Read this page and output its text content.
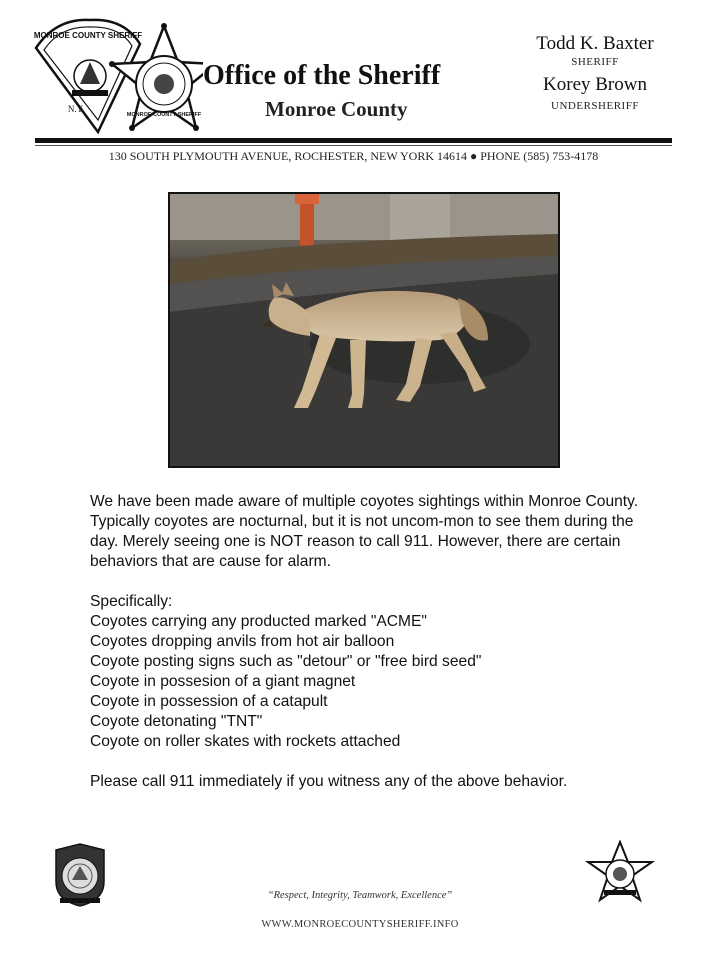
MONROE COUNTY SHERIFF
N.Y.
MONROE COUNTY SHERIFF
Office of the Sheriff
Monroe County
Todd K. Baxter
SHERIFF
Korey Brown
UNDERSHERIFF
130 SOUTH PLYMOUTH AVENUE, ROCHESTER, NEW YORK 14614 ● PHONE (585) 753-4178

We have been made aware of multiple coyotes sightings within Monroe County. Typically coyotes are nocturnal, but it is not uncom-mon to see them during the day. Merely seeing one is NOT reason to call 911. However, there are certain behaviors that are cause for alarm.

Specifically:

Coyotes carrying any producted marked "ACME"
Coyotes dropping anvils from hot air balloon
Coyote posting signs such as "detour" or "free bird seed"
Coyote in possesion of a giant magnet
Coyote in possession of a catapult
Coyote detonating "TNT"
Coyote on roller skates with rockets attached

Please call 911 immediately if you witness any of the above behavior.

“Respect, Integrity, Teamwork, Excellence”
WWW.MONROECOUNTYSHERIFF.INFO
